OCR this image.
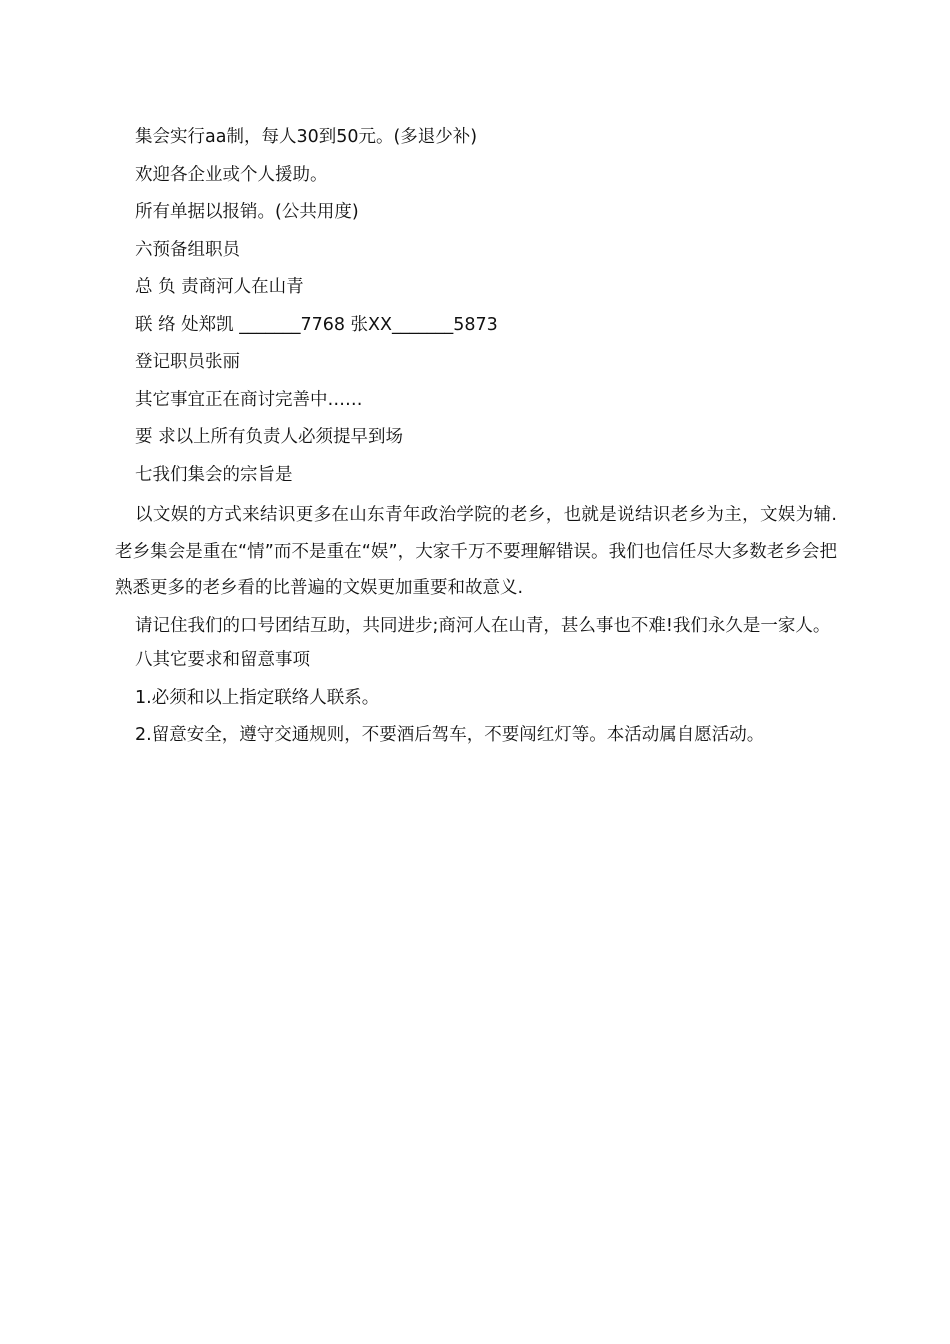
集会实行aa制，每人30到50元。(多退少补)
欢迎各企业或个人援助。
所有单据以报销。(公共用度)
六预备组职员
总 负 责商河人在山青
联 络 处郑凯 _______7768 张XX_______5873
登记职员张丽
其它事宜正在商讨完善中……
要 求以上所有负责人必须提早到场
七我们集会的宗旨是
以文娱的方式来结识更多在山东青年政治学院的老乡，也就是说结识老乡为主，文娱为辅.老乡集会是重在“情”而不是重在“娱”，大家千万不要理解错误。我们也信任尽大多数老乡会把熟悉更多的老乡看的比普遍的文娱更加重要和故意义.
请记住我们的口号团结互助，共同进步;商河人在山青，甚么事也不难!我们永久是一家人。
八其它要求和留意事项
1.必须和以上指定联络人联系。
2.留意安全，遵守交通规则，不要酒后驾车，不要闯红灯等。本活动属自愿活动。
